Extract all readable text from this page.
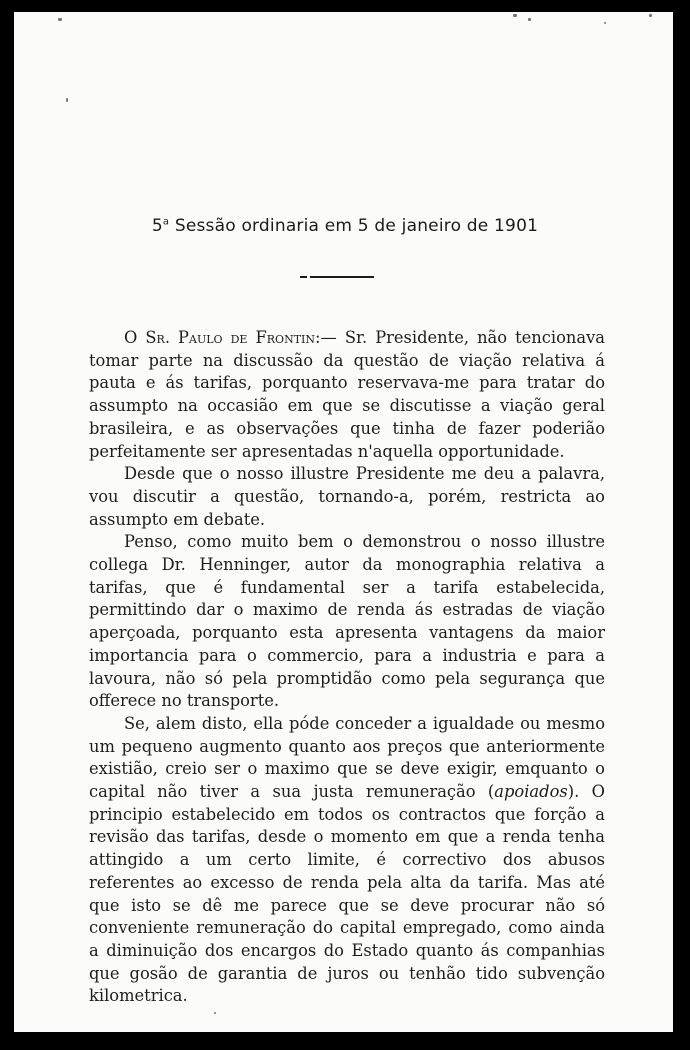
5$^a$ Sessão ordinaria em 5 de janeiro de 1901

O Sr. Paulo de Frontin:— Sr. Presidente, não tencionava tomar parte na discussão da questão de viação relativa á pauta e ás tarifas, porquanto reservava-me para tratar do assumpto na occasião em que se discutisse a viação geral brasileira, e as observações que tinha de fazer poderião perfeitamente ser apresentadas n'aquella opportunidade.

Desde que o nosso illustre Presidente me deu a palavra, vou discutir a questão, tornando-a, porém, restricta ao assumpto em debate.

Penso, como muito bem o demonstrou o nosso illustre collega Dr. Henninger, autor da monographia relativa a tarifas, que é fundamental ser a tarifa estabelecida, permittindo dar o maximo de renda ás estradas de viação aperçoada, porquanto esta apresenta vantagens da maior importancia para o commercio, para a industria e para a lavoura, não só pela promptidão como pela segurança que offerece no transporte.

Se, alem disto, ella póde conceder a igualdade ou mesmo um pequeno augmento quanto aos preços que anteriormente existião, creio ser o maximo que se deve exigir, emquanto o capital não tiver a sua justa remuneração (apoiados). O principio estabelecido em todos os contractos que forção a revisão das tarifas, desde o momento em que a renda tenha attingido a um certo limite, é correctivo dos abusos referentes ao excesso de renda pela alta da tarifa. Mas até que isto se dê me parece que se deve procurar não só conveniente remuneração do capital empregado, como ainda a diminuição dos encargos do Estado quanto ás companhias que gosão de garantia de juros ou tenhão tido subvenção kilometrica.
